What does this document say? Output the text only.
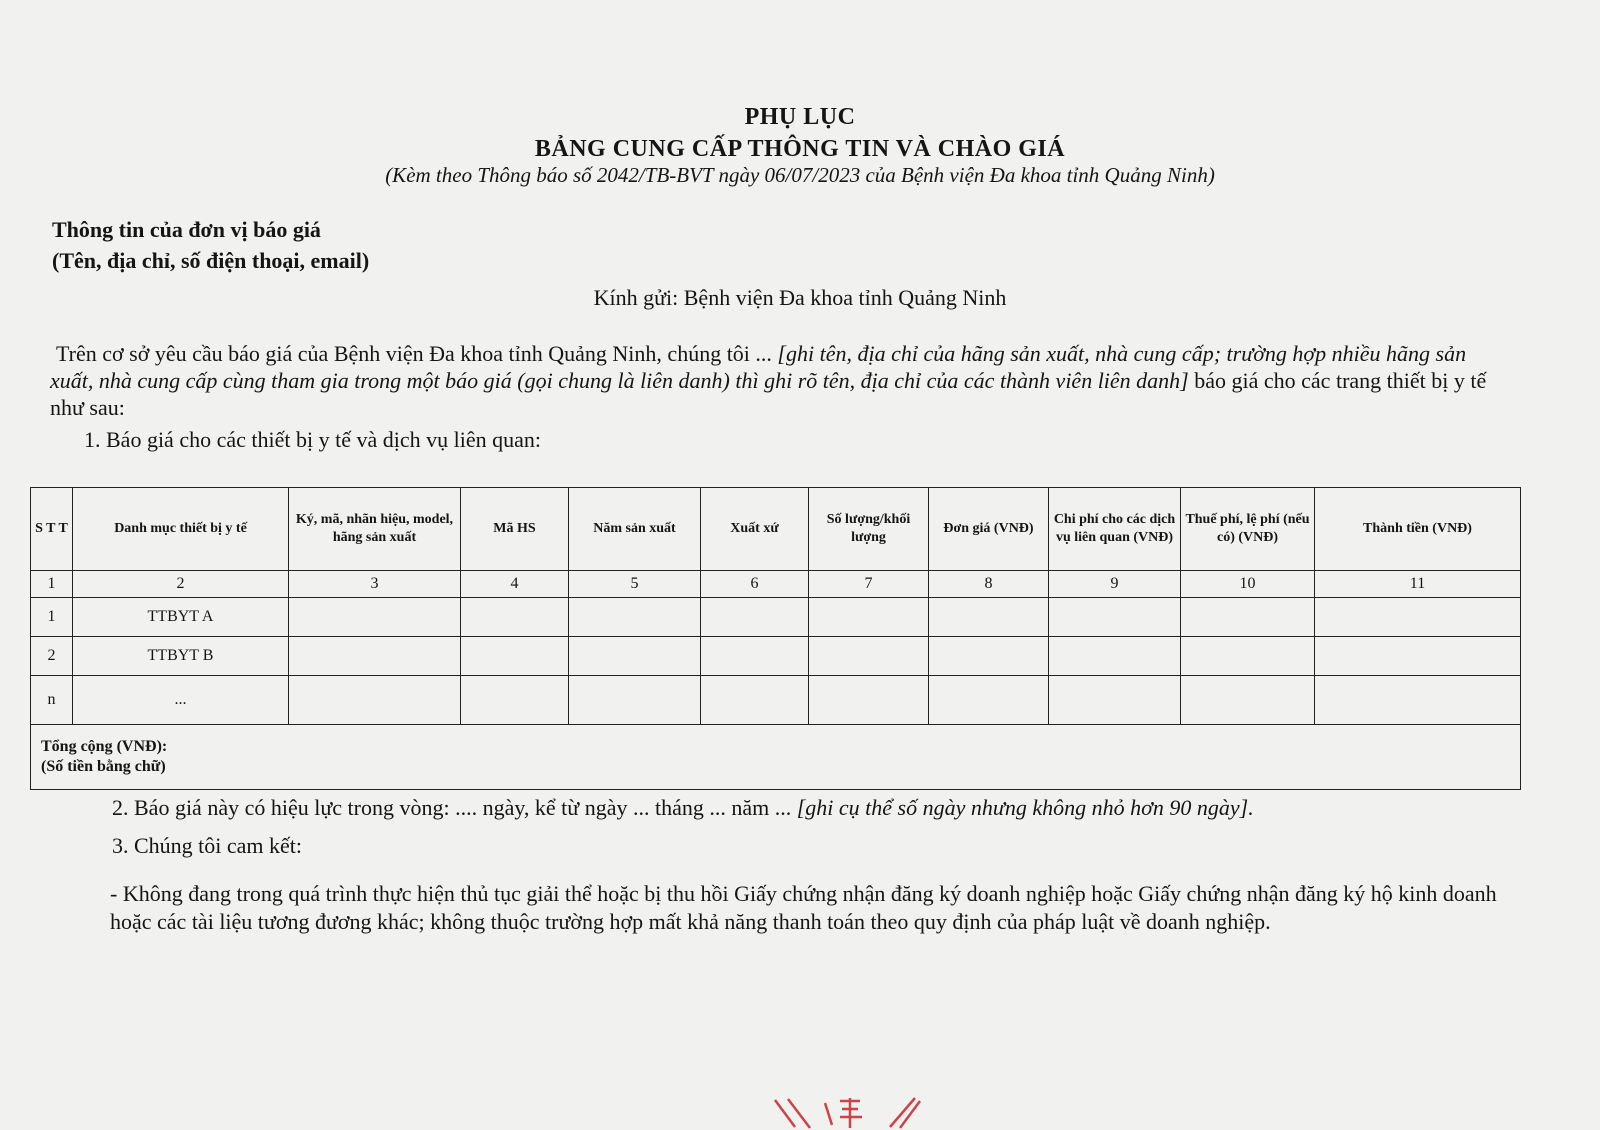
PHỤ LỤC

BẢNG CUNG CẤP THÔNG TIN VÀ CHÀO GIÁ

(Kèm theo Thông báo số 2042/TB-BVT ngày 06/07/2023 của Bệnh viện Đa khoa tỉnh Quảng Ninh)

Thông tin của đơn vị báo giá

(Tên, địa chỉ, số điện thoại, email)

Kính gửi: Bệnh viện Đa khoa tỉnh Quảng Ninh

Trên cơ sở yêu cầu báo giá của Bệnh viện Đa khoa tỉnh Quảng Ninh, chúng tôi ... [ghi tên, địa chỉ của hãng sản xuất, nhà cung cấp; trường hợp nhiều hãng sản xuất, nhà cung cấp cùng tham gia trong một báo giá (gọi chung là liên danh) thì ghi rõ tên, địa chỉ của các thành viên liên danh] báo giá cho các trang thiết bị y tế như sau:

1. Báo giá cho các thiết bị y tế và dịch vụ liên quan:

S T T	Danh mục thiết bị y tế	Ký, mã, nhãn hiệu, model, hãng sản xuất	Mã HS	Năm sản xuất	Xuất xứ	Số lượng/khối lượng	Đơn giá (VNĐ)	Chi phí cho các dịch vụ liên quan (VNĐ)	Thuế phí, lệ phí (nếu có) (VNĐ)	Thành tiền (VNĐ)
1	2	3	4	5	6	7	8	9	10	11
1	TTBYT A									
2	TTBYT B									
n	...									

Tổng cộng (VNĐ):
(Số tiền bằng chữ)										

2. Báo giá này có hiệu lực trong vòng: .... ngày, kể từ ngày ... tháng ... năm ... [ghi cụ thể số ngày nhưng không nhỏ hơn 90 ngày].

3. Chúng tôi cam kết:

- Không đang trong quá trình thực hiện thủ tục giải thể hoặc bị thu hồi Giấy chứng nhận đăng ký doanh nghiệp hoặc Giấy chứng nhận đăng ký hộ kinh doanh hoặc các tài liệu tương đương khác; không thuộc trường hợp mất khả năng thanh toán theo quy định của pháp luật về doanh nghiệp.
